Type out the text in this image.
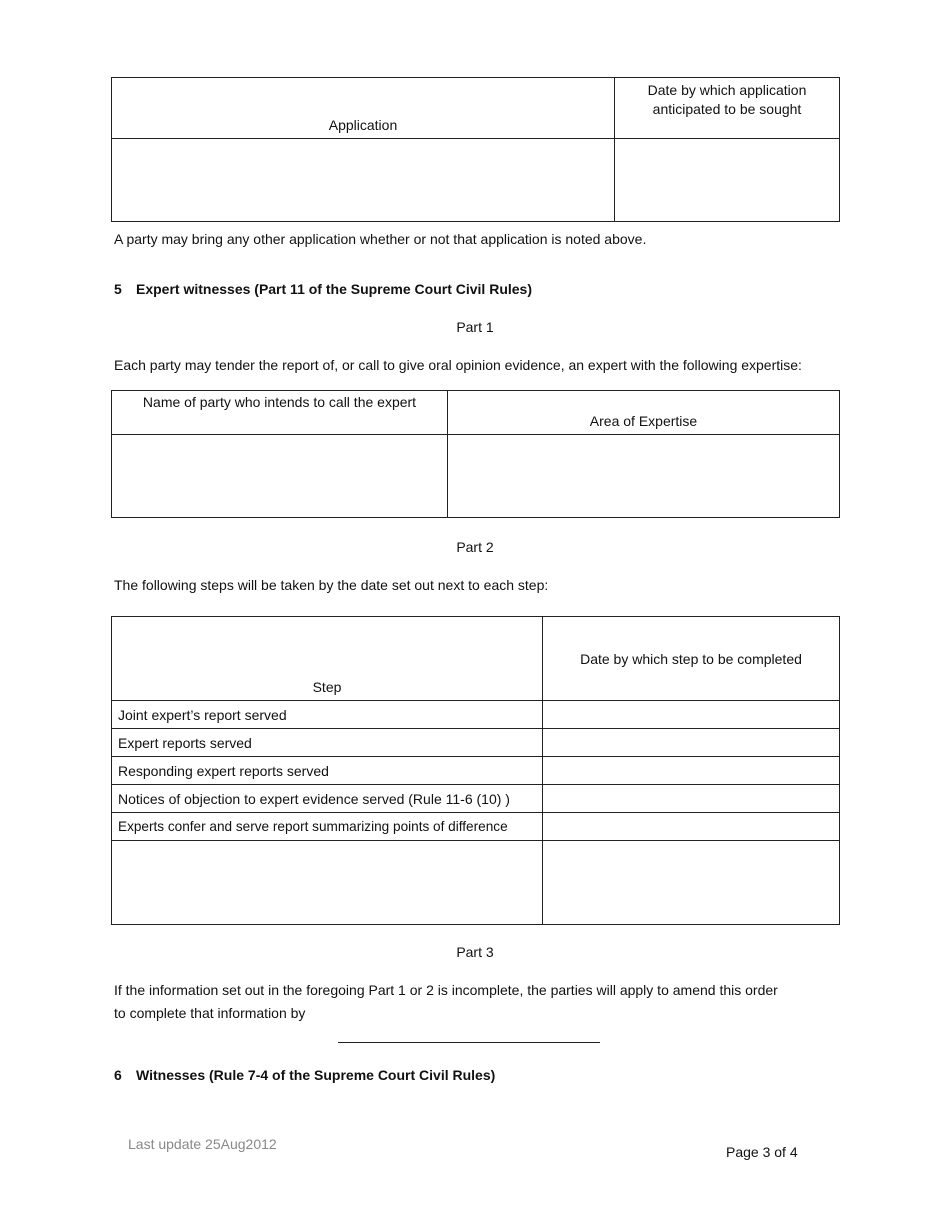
Application	Date by which application anticipated to be sought

A party may bring any other application whether or not that application is noted above.
5 Expert witnesses (Part 11 of the Supreme Court Civil Rules)
Part 1
Each party may tender the report of, or call to give oral opinion evidence, an expert with the following expertise:
Name of party who intends to call the expert	Area of Expertise

Part 2
The following steps will be taken by the date set out next to each step:
Step	Date by which step to be completed
Joint expert’s report served	
Expert reports served	
Responding expert reports served	
Notices of objection to expert evidence served (Rule 11-6 (10) )	
Experts confer and serve report summarizing points of difference	

Part 3
If the information set out in the foregoing Part 1 or 2 is incomplete, the parties will apply to amend this order
to complete that information by
6 Witnesses (Rule 7-4 of the Supreme Court Civil Rules)
Last update 25Aug2012	Page 3 of 4
